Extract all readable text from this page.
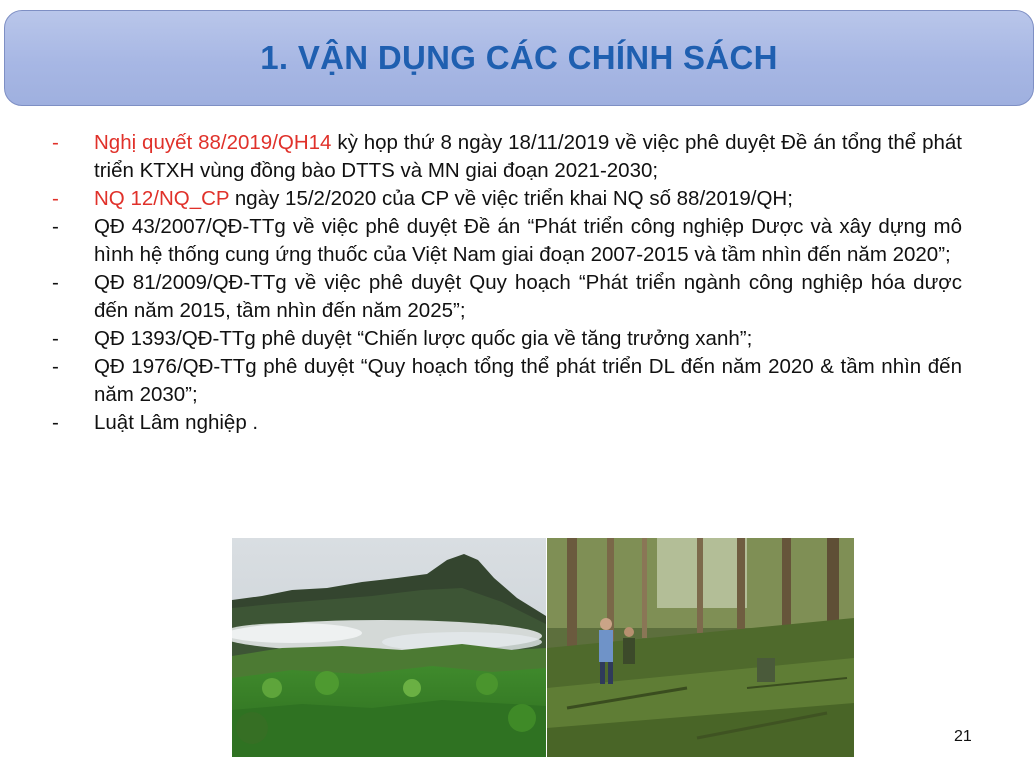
1. VẬN DỤNG CÁC CHÍNH SÁCH
-	Nghị quyết 88/2019/QH14 kỳ họp thứ 8 ngày 18/11/2019 về việc phê duyệt Đề án tổng thể phát triển KTXH vùng đồng bào DTTS và MN giai đoạn 2021-2030;
-	NQ 12/NQ_CP ngày 15/2/2020 của CP về việc triển khai NQ số 88/2019/QH;
-	QĐ 43/2007/QĐ-TTg về việc phê duyệt Đề án “Phát triển công nghiệp Dược và xây dựng mô hình hệ thống cung ứng thuốc của Việt Nam giai đoạn 2007-2015 và tầm nhìn đến năm 2020”;
-	QĐ 81/2009/QĐ-TTg về việc phê duyệt Quy hoạch “Phát triển ngành công nghiệp hóa dược đến năm 2015, tầm nhìn đến năm 2025”;
-	QĐ 1393/QĐ-TTg phê duyệt “Chiến lược quốc gia về tăng trưởng xanh”;
-	QĐ 1976/QĐ-TTg phê duyệt “Quy hoạch tổng thể phát triển DL đến năm 2020 & tầm nhìn đến năm 2030”;
-	Luật Lâm nghiệp .
21
